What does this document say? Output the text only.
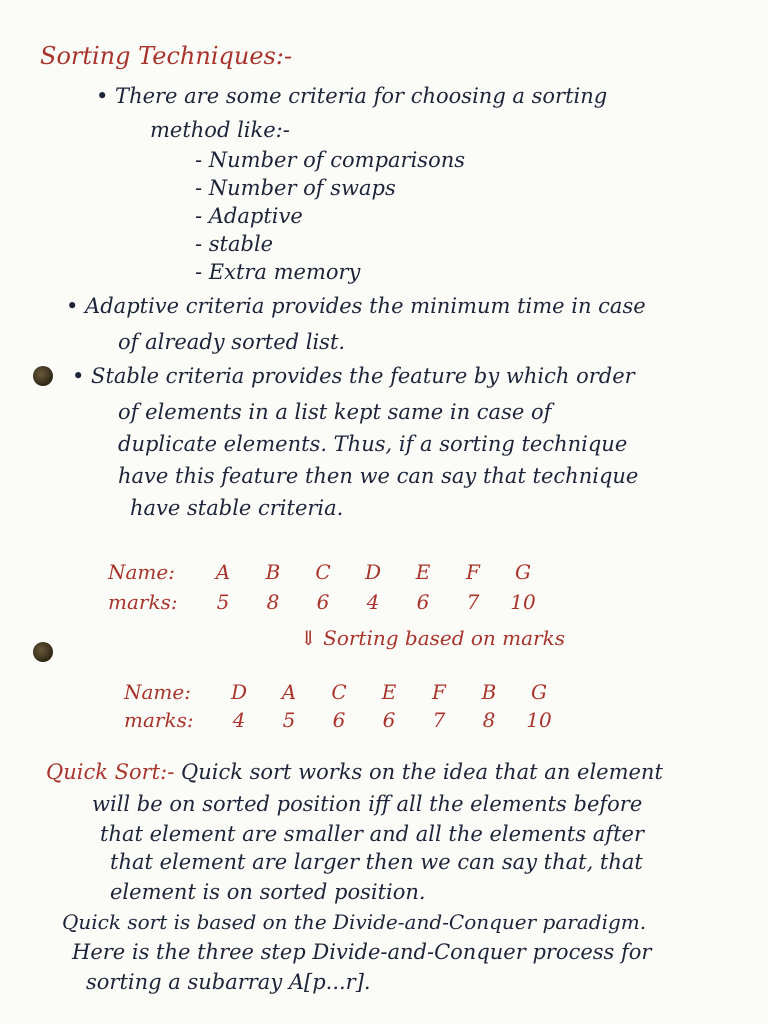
Sorting Techniques:-
• There are some criteria for choosing a sorting
method like:-
- Number of comparisons
- Number of swaps
- Adaptive
- stable
- Extra memory
• Adaptive criteria provides the minimum time in case
of already sorted list.
• Stable criteria provides the feature by which order
of elements in a list kept same in case of
duplicate elements. Thus, if a sorting technique
have this feature then we can say that technique
have stable criteria.
Name:	A	B	C	D	E	F	G
marks:	5	8	6	4	6	7	10
⇓ Sorting based on marks
Name:	D	A	C	E	F	B	G
marks:	4	5	6	6	7	8	10
Quick Sort:- Quick sort works on the idea that an element
will be on sorted position iff all the elements before
that element are smaller and all the elements after
that element are larger then we can say that, that
element is on sorted position.
Quick sort is based on the Divide-and-Conquer paradigm.
Here is the three step Divide-and-Conquer process for
sorting a subarray A[p...r].
